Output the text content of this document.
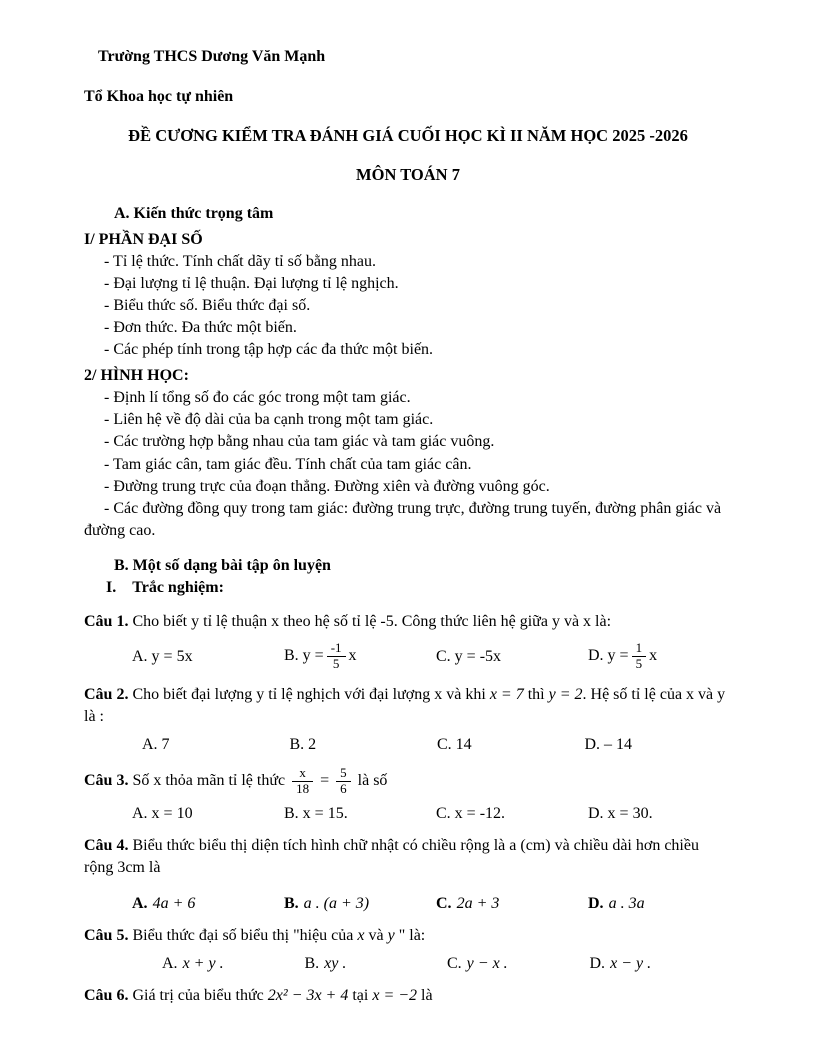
Trường THCS Dương Văn Mạnh

Tổ Khoa học tự nhiên

ĐỀ CƯƠNG KIỂM TRA ĐÁNH GIÁ CUỐI HỌC KÌ II NĂM HỌC 2025 -2026

MÔN TOÁN 7

A. Kiến thức trọng tâm

I/ PHẦN ĐẠI SỐ

- Tỉ lệ thức. Tính chất dãy tỉ số bằng nhau.

- Đại lượng tỉ lệ thuận. Đại lượng tỉ lệ nghịch.

- Biểu thức số. Biểu thức đại số.

- Đơn thức. Đa thức một biến.

- Các phép tính trong tập hợp các đa thức một biến.

2/ HÌNH HỌC:

- Định lí tổng số đo các góc trong một tam giác.

- Liên hệ về độ dài của ba cạnh trong một tam giác.

- Các trường hợp bằng nhau của tam giác và tam giác vuông.

- Tam giác cân, tam giác đều. Tính chất của tam giác cân.

- Đường trung trực của đoạn thẳng. Đường xiên và đường vuông góc.

- Các đường đồng quy trong tam giác: đường trung trực, đường trung tuyến, đường phân giác và đường cao.

B. Một số dạng bài tập ôn luyện

I. Trắc nghiệm:

Câu 1. Cho biết y tỉ lệ thuận x theo hệ số tỉ lệ -5. Công thức liên hệ giữa y và x là:

A. y = 5x	B. $y = \frac{-1}{5}$ x	C. y = -5x	D. $y = \frac{1}{5}$ x

Câu 2. Cho biết đại lượng y tỉ lệ nghịch với đại lượng x và khi x = 7 thì y = 2. Hệ số tỉ lệ của x và y là :

A. 7	B. 2	C. 14	D. – 14

Câu 3. Số x thỏa mãn tỉ lệ thức $\frac{x}{18} = \frac{5}{6}$ là số

A. x = 10	B. x = 15.	C. x = -12.	D. x = 30.

Câu 4. Biểu thức biểu thị diện tích hình chữ nhật có chiều rộng là a (cm) và chiều dài hơn chiều rộng 3cm là

A. 4a + 6	B. a . (a + 3)	C. 2a + 3	D. a . 3a

Câu 5. Biểu thức đại số biểu thị "hiệu của x và y " là:

A. x + y .	B. xy .	C. y − x .	D. x − y .

Câu 6. Giá trị của biểu thức 2x² − 3x + 4 tại x = −2 là
